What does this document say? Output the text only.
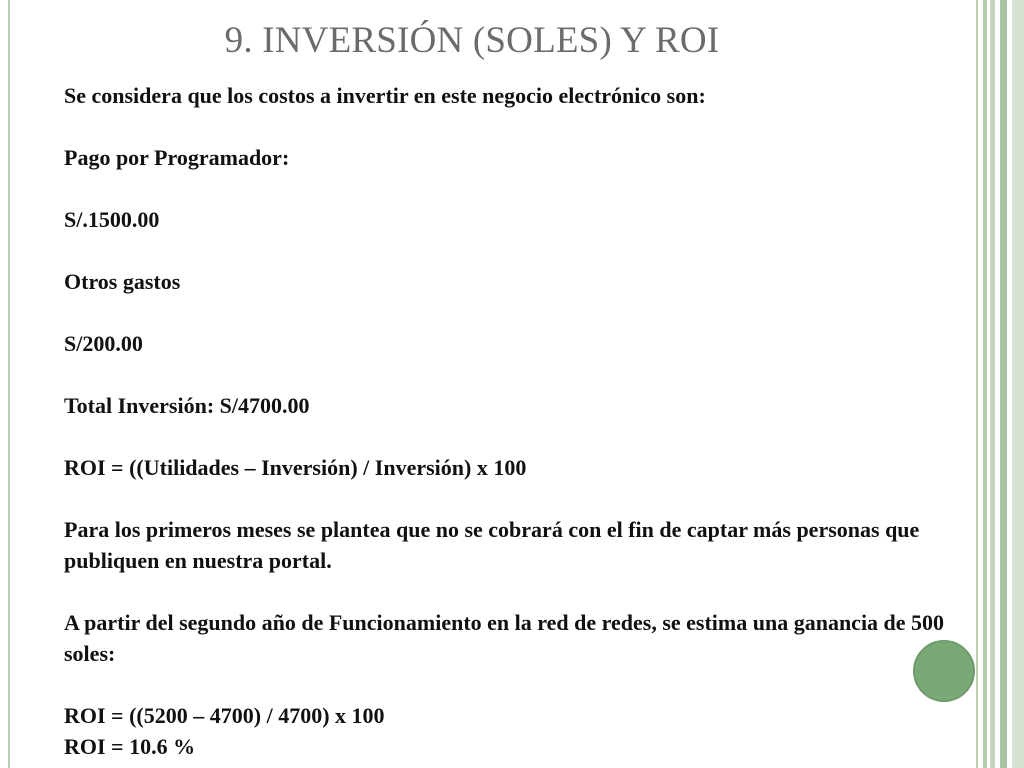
9. INVERSIÓN (SOLES) Y ROI

Se considera que los costos a invertir en este negocio electrónico son:

Pago por Programador:

S/.1500.00

Otros gastos

S/200.00

Total Inversión: S/4700.00

ROI = ((Utilidades – Inversión) / Inversión) x 100

Para los primeros meses se plantea que no se cobrará con el fin de captar más personas que publiquen en nuestra portal.

A partir del segundo año de Funcionamiento en la red de redes, se estima una ganancia de 500 soles:

ROI = ((5200 – 4700) / 4700) x 100

ROI = 10.6 %
